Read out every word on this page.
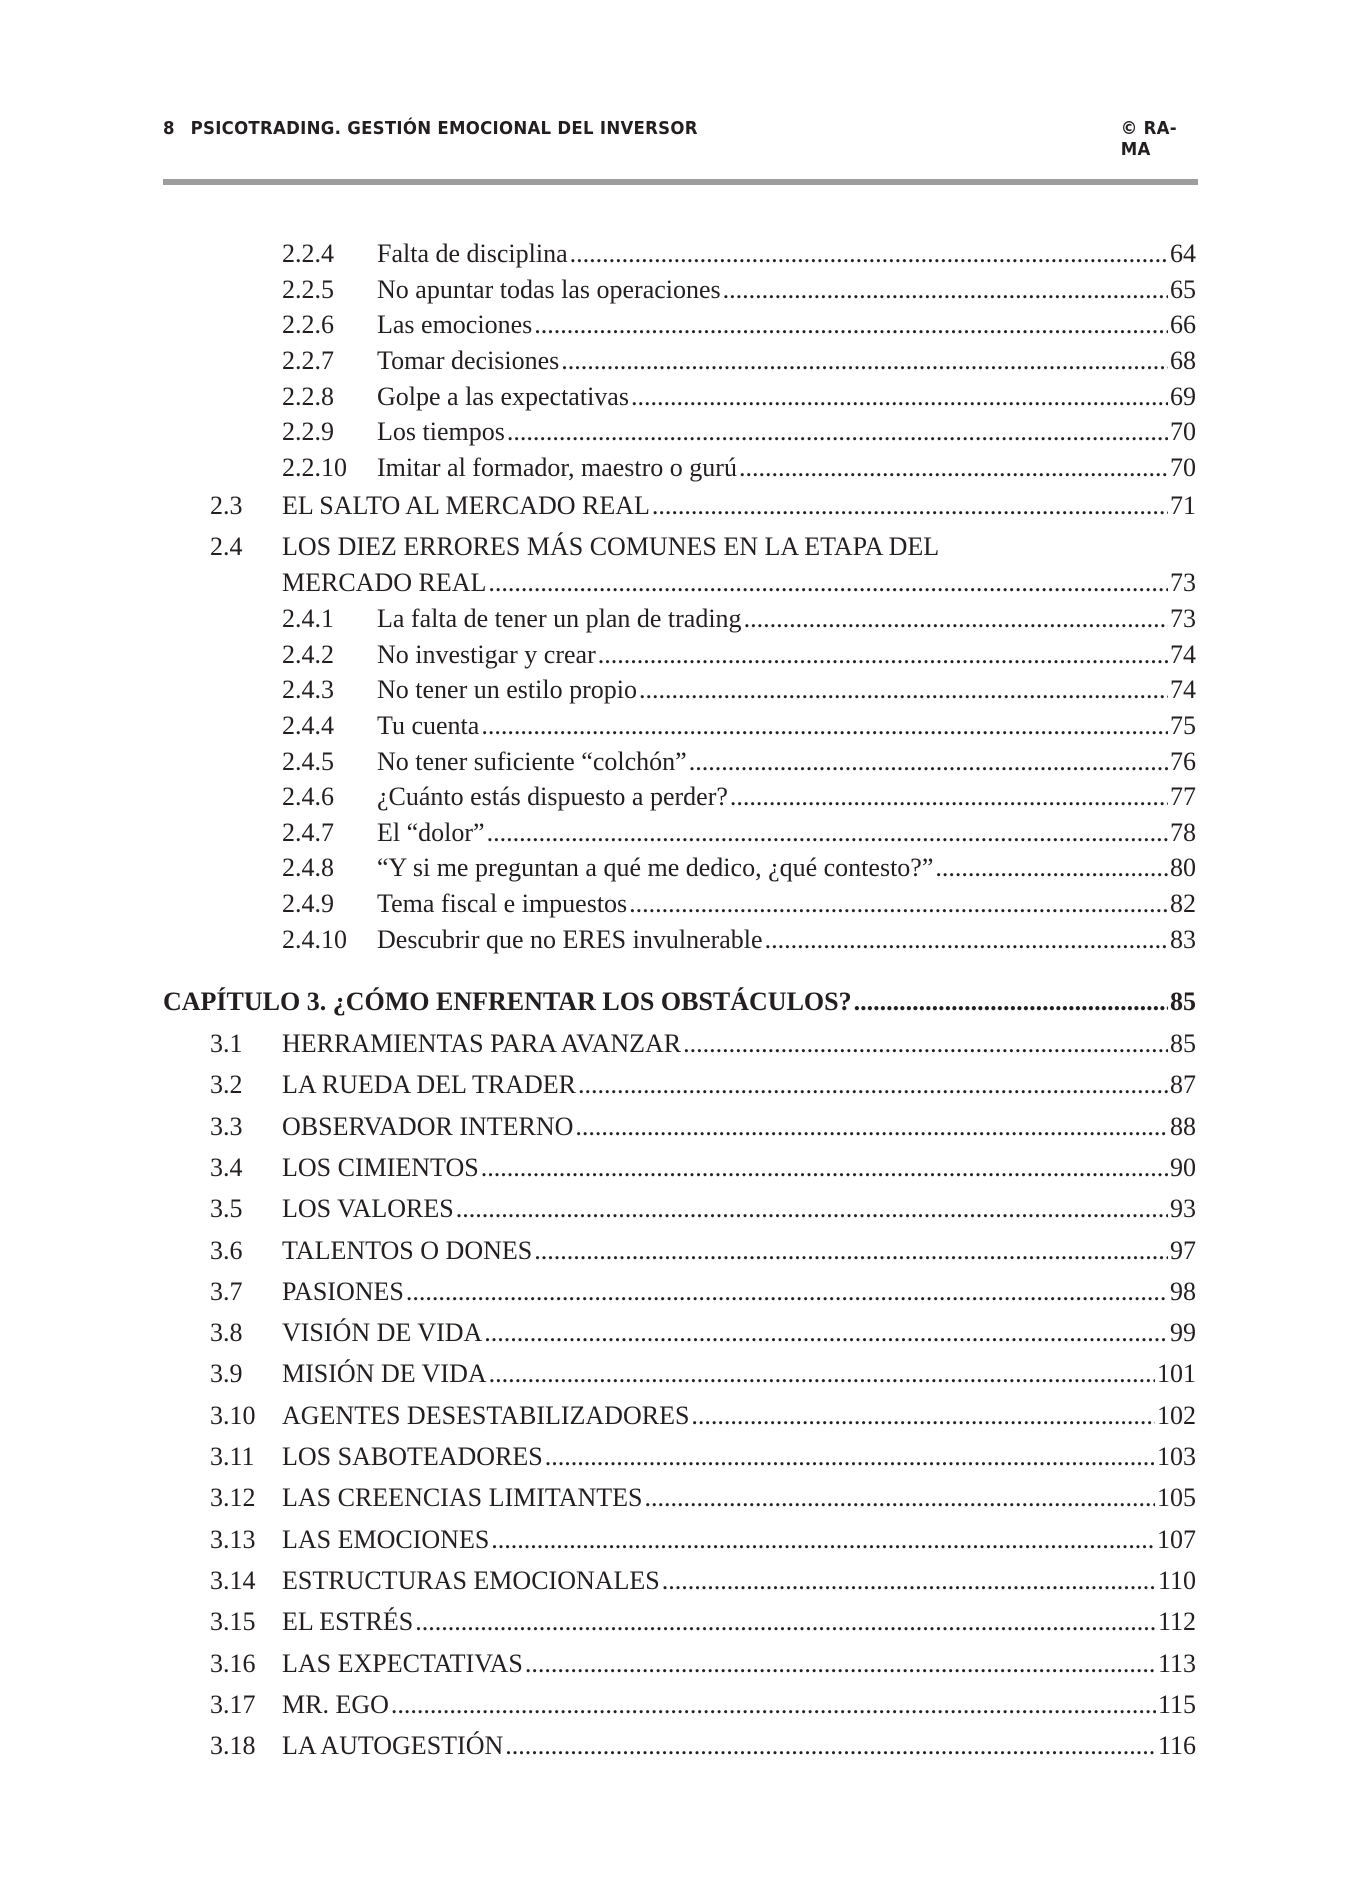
8 PSICOTRADING. GESTIÓN EMOCIONAL DEL INVERSOR	© RA-MA
2.2.4 Falta de disciplina .....	64
2.2.5 No apuntar todas las operaciones .....	65
2.2.6 Las emociones .....	66
2.2.7 Tomar decisiones .....	68
2.2.8 Golpe a las expectativas .....	69
2.2.9 Los tiempos .....	70
2.2.10 Imitar al formador, maestro o gurú .....	70
2.3 EL SALTO AL MERCADO REAL .....	71
2.4 LOS DIEZ ERRORES MÁS COMUNES EN LA ETAPA DEL
MERCADO REAL .....	73
2.4.1 La falta de tener un plan de trading .....	73
2.4.2 No investigar y crear .....	74
2.4.3 No tener un estilo propio .....	74
2.4.4 Tu cuenta .....	75
2.4.5 No tener suficiente “colchón” .....	76
2.4.6 ¿Cuánto estás dispuesto a perder? .....	77
2.4.7 El “dolor” .....	78
2.4.8 “Y si me preguntan a qué me dedico, ¿qué contesto?” .....	80
2.4.9 Tema fiscal e impuestos .....	82
2.4.10 Descubrir que no ERES invulnerable .....	83
CAPÍTULO 3. ¿CÓMO ENFRENTAR LOS OBSTÁCULOS? .....	85
3.1 HERRAMIENTAS PARA AVANZAR .....	85
3.2 LA RUEDA DEL TRADER .....	87
3.3 OBSERVADOR INTERNO .....	88
3.4 LOS CIMIENTOS .....	90
3.5 LOS VALORES .....	93
3.6 TALENTOS O DONES .....	97
3.7 PASIONES .....	98
3.8 VISIÓN DE VIDA .....	99
3.9 MISIÓN DE VIDA .....	101
3.10 AGENTES DESESTABILIZADORES .....	102
3.11 LOS SABOTEADORES .....	103
3.12 LAS CREENCIAS LIMITANTES .....	105
3.13 LAS EMOCIONES .....	107
3.14 ESTRUCTURAS EMOCIONALES .....	110
3.15 EL ESTRÉS .....	112
3.16 LAS EXPECTATIVAS .....	113
3.17 MR. EGO .....	115
3.18 LA AUTOGESTIÓN .....	116
